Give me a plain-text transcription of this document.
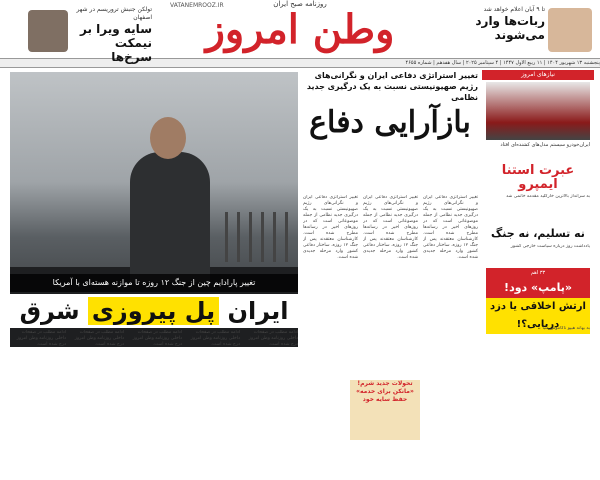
وطن امروز
روزنامه صبح ایران
VATANEMROOZ.IR
پنجشنبه ۱۳ شهریور ۱۴۰۴ | ۱۱ ربیع الاول ۱۴۴۷ | ۴ سپتامبر ۲۰۲۵ | سال هفدهم | شماره ۴۶۵۵
تولکن جنبش تروریسم در شهر اصفهان
سایه ویرا بر نیمکت سرخ‌ها
تا ۹ آبان اعلام خواهد شد
ربات‌ها وارد می‌شوند
تغییر پارادایم چین از جنگ ۱۲ روزه تا موازنه هسته‌ای با آمریکا
ایران پل پیروزی شرق
تغییر استراتژی دفاعی ایران و نگرانی‌های رژیم صهیونیستی نسبت به یک درگیری جدید نظامی
بازآرایی دفاع
تغییر استراتژی دفاعی ایران و نگرانی‌های رژیم صهیونیستی نسبت به یک درگیری جدید نظامی از جمله موضوعاتی است که در روزهای اخیر در رسانه‌ها مطرح شده است. کارشناسان معتقدند پس از جنگ ۱۲ روزه، ساختار دفاعی کشور وارد مرحله جدیدی شده است.
تغییر استراتژی دفاعی ایران و نگرانی‌های رژیم صهیونیستی نسبت به یک درگیری جدید نظامی از جمله موضوعاتی است که در روزهای اخیر در رسانه‌ها مطرح شده است. کارشناسان معتقدند پس از جنگ ۱۲ روزه، ساختار دفاعی کشور وارد مرحله جدیدی شده است.
تغییر استراتژی دفاعی ایران و نگرانی‌های رژیم صهیونیستی نسبت به یک درگیری جدید نظامی از جمله موضوعاتی است که در روزهای اخیر در رسانه‌ها مطرح شده است. کارشناسان معتقدند پس از جنگ ۱۲ روزه، ساختار دفاعی کشور وارد مرحله جدیدی شده است.
تحولات جدید شرم! «مانکن برای خدمه» حفظ سایه خود
ادامه مطلب در صفحات داخلی روزنامه وطن امروز درج شده است.
ادامه مطلب در صفحات داخلی روزنامه وطن امروز درج شده است.
ادامه مطلب در صفحات داخلی روزنامه وطن امروز درج شده است.
ادامه مطلب در صفحات داخلی روزنامه وطن امروز درج شده است.
ادامه مطلب در صفحات داخلی روزنامه وطن امروز درج شده است.
نیازهای امروز
ایران‌خودرو سیستم مدل‌های کشنده‌ای افتاد
عبرت استنا ایمپرو
به سرانداز بالاترین خارکلید مقدمه خاتمی شد
نه تسلیم، نه جنگ
یادداشت روز درباره سیاست خارجی کشور
۳۳ اهم
«پامپ» دود!
ارتش اخلاقی یا دزد دریایی؟!
به بهانه هیپو ناکاموس دنیا
